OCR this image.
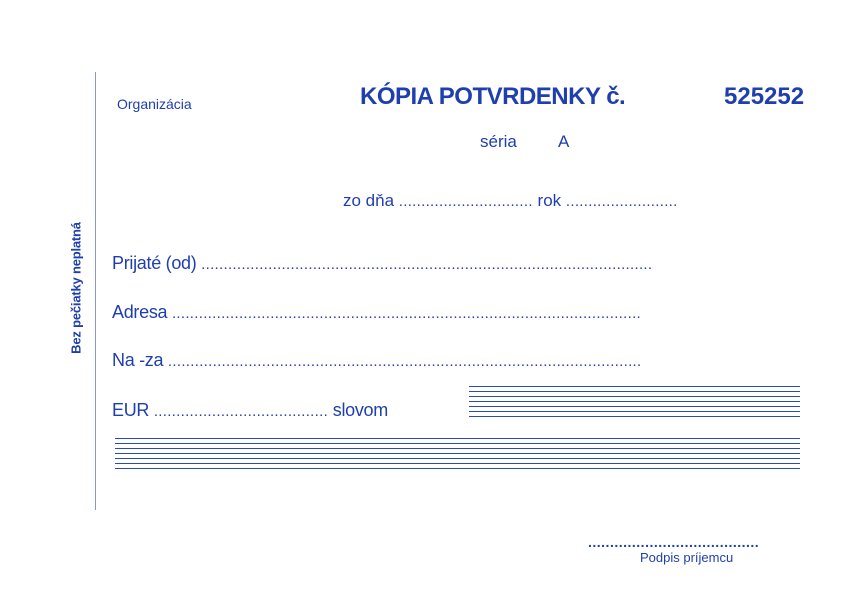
Bez pečiatky neplatná
Organizácia	KÓPIA POTVRDENKY č.	525252
séria A
zo dňa .............................. rok .........................
Prijaté (od) .....................................................................................................
Adresa .........................................................................................................
Na -za ..........................................................................................................
EUR ....................................... slovom
.......................................
Podpis príjemcu
